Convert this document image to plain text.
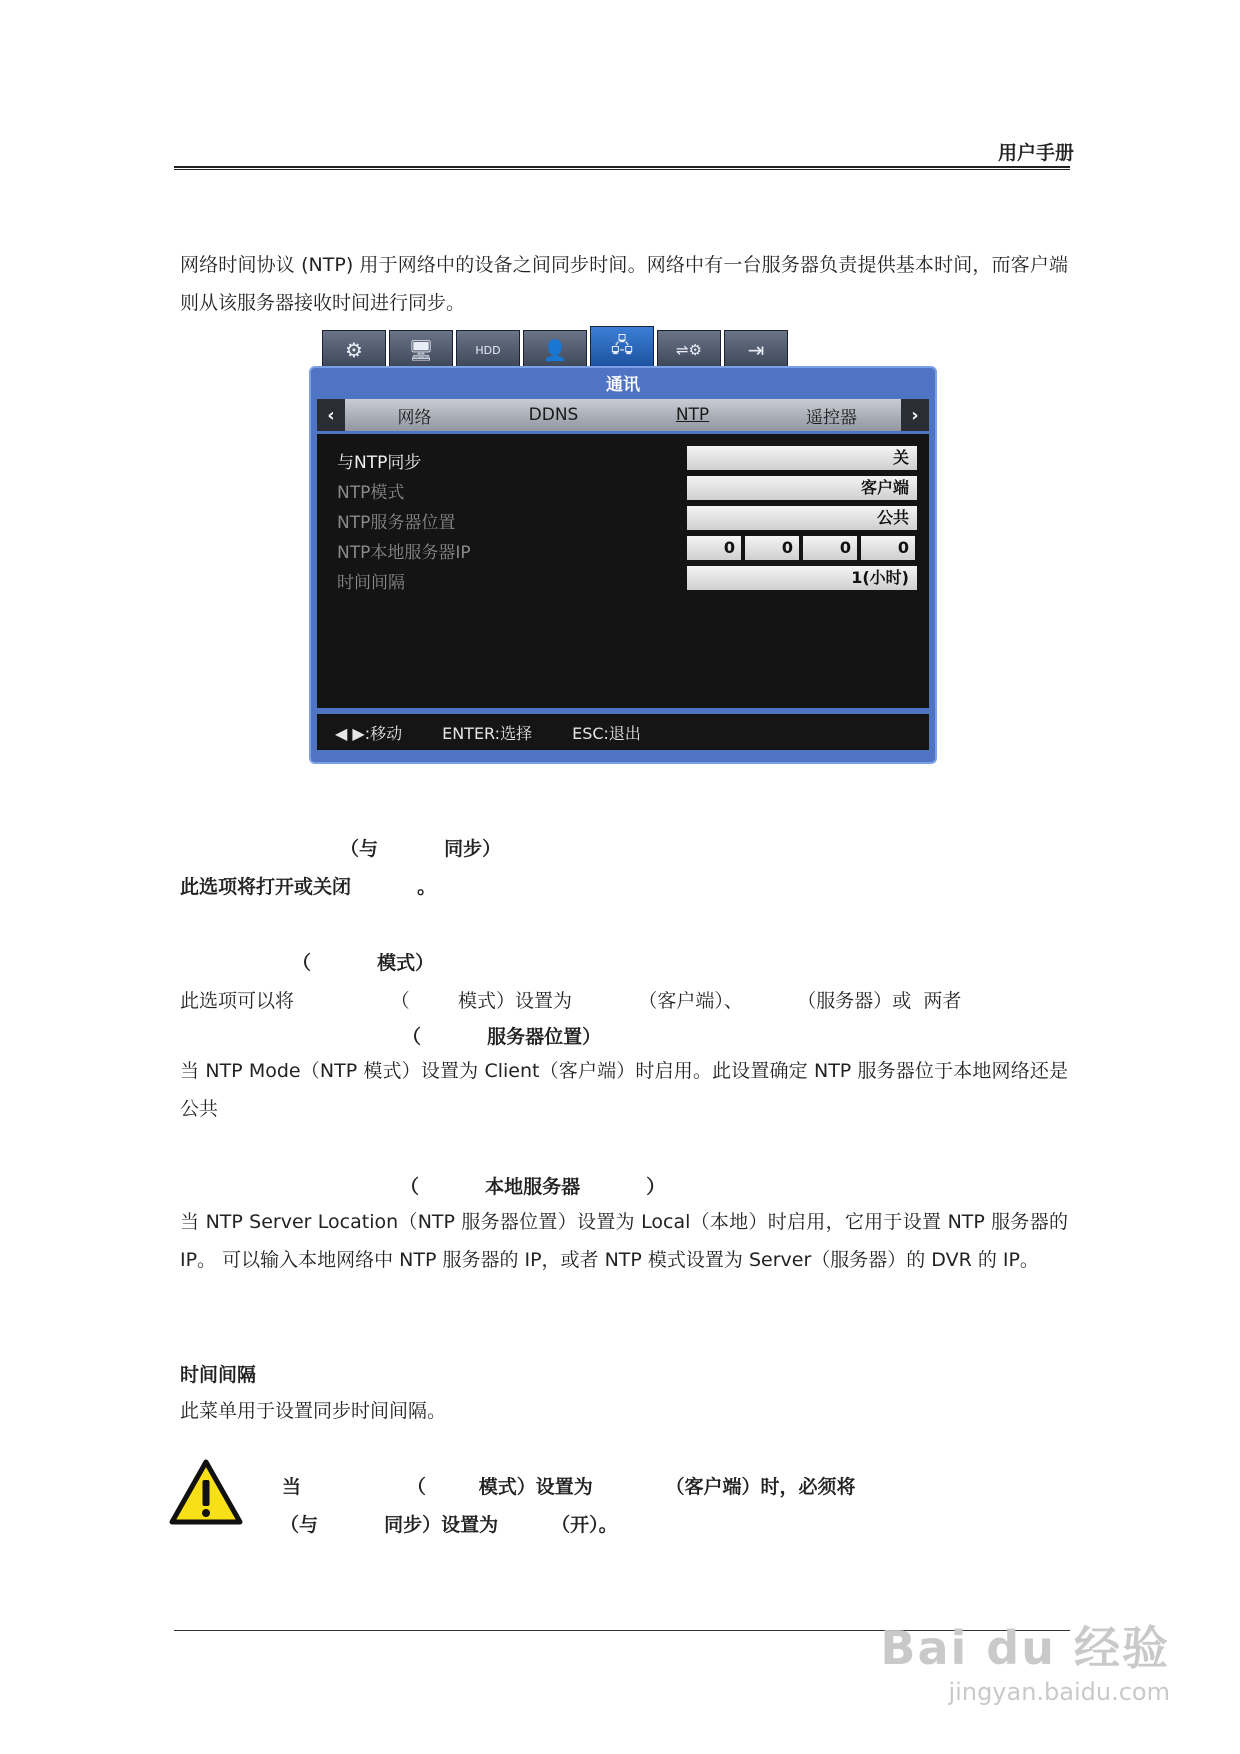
用户手册
网络时间协议 (NTP) 用于网络中的设备之间同步时间。网络中有一台服务器负责提供基本时间，而客户端则从该服务器接收时间进行同步。
⚙	🖥	HDD	👤	🖧	⇌⚙	⇥
通讯
‹	网络	DDNS	NTP	遥控器	›
与NTP同步	关
NTP模式	客户端
NTP服务器位置	公共
NTP本地服务器IP	0	0	0	0
时间间隔	1(小时)
◀ ▶:移动	ENTER:选择	ESC:退出
（与          同步）
此选项将打开或关闭          。
（          模式）
此选项可以将                （        模式）设置为           （客户端）、         （服务器）或  两者
（          服务器位置）
当 NTP Mode（NTP 模式）设置为 Client（客户端）时启用。此设置确定 NTP 服务器位于本地网络还是 公共
（          本地服务器          ）
当 NTP Server Location（NTP 服务器位置）设置为 Local（本地）时启用，它用于设置 NTP 服务器的 IP。 可以输入本地网络中 NTP 服务器的 IP，或者 NTP 模式设置为 Server（服务器）的 DVR 的 IP。
时间间隔
此菜单用于设置同步时间间隔。
当                （        模式）设置为           （客户端）时，必须将
（与          同步）设置为        （开）。
Bai du 经验
jingyan.baidu.com
